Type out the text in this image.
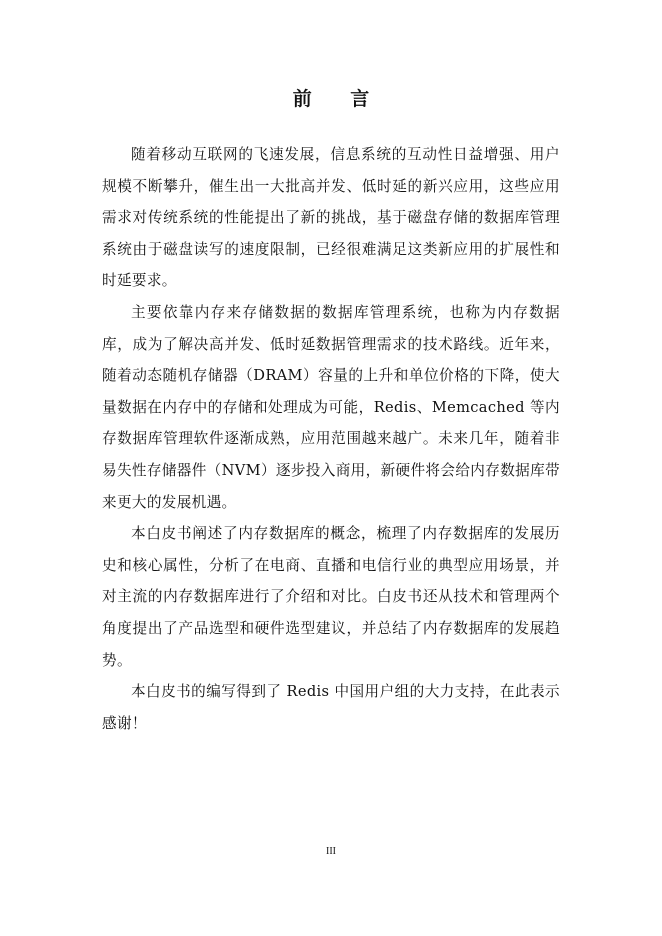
前 言

随着移动互联网的飞速发展，信息系统的互动性日益增强、用户规模不断攀升，催生出一大批高并发、低时延的新兴应用，这些应用需求对传统系统的性能提出了新的挑战，基于磁盘存储的数据库管理系统由于磁盘读写的速度限制，已经很难满足这类新应用的扩展性和时延要求。

主要依靠内存来存储数据的数据库管理系统，也称为内存数据库，成为了解决高并发、低时延数据管理需求的技术路线。近年来，随着动态随机存储器（DRAM）容量的上升和单位价格的下降，使大量数据在内存中的存储和处理成为可能，Redis、Memcached 等内存数据库管理软件逐渐成熟，应用范围越来越广。未来几年，随着非易失性存储器件（NVM）逐步投入商用，新硬件将会给内存数据库带来更大的发展机遇。

本白皮书阐述了内存数据库的概念，梳理了内存数据库的发展历史和核心属性，分析了在电商、直播和电信行业的典型应用场景，并对主流的内存数据库进行了介绍和对比。白皮书还从技术和管理两个角度提出了产品选型和硬件选型建议，并总结了内存数据库的发展趋势。

本白皮书的编写得到了 Redis 中国用户组的大力支持，在此表示感谢！

III
